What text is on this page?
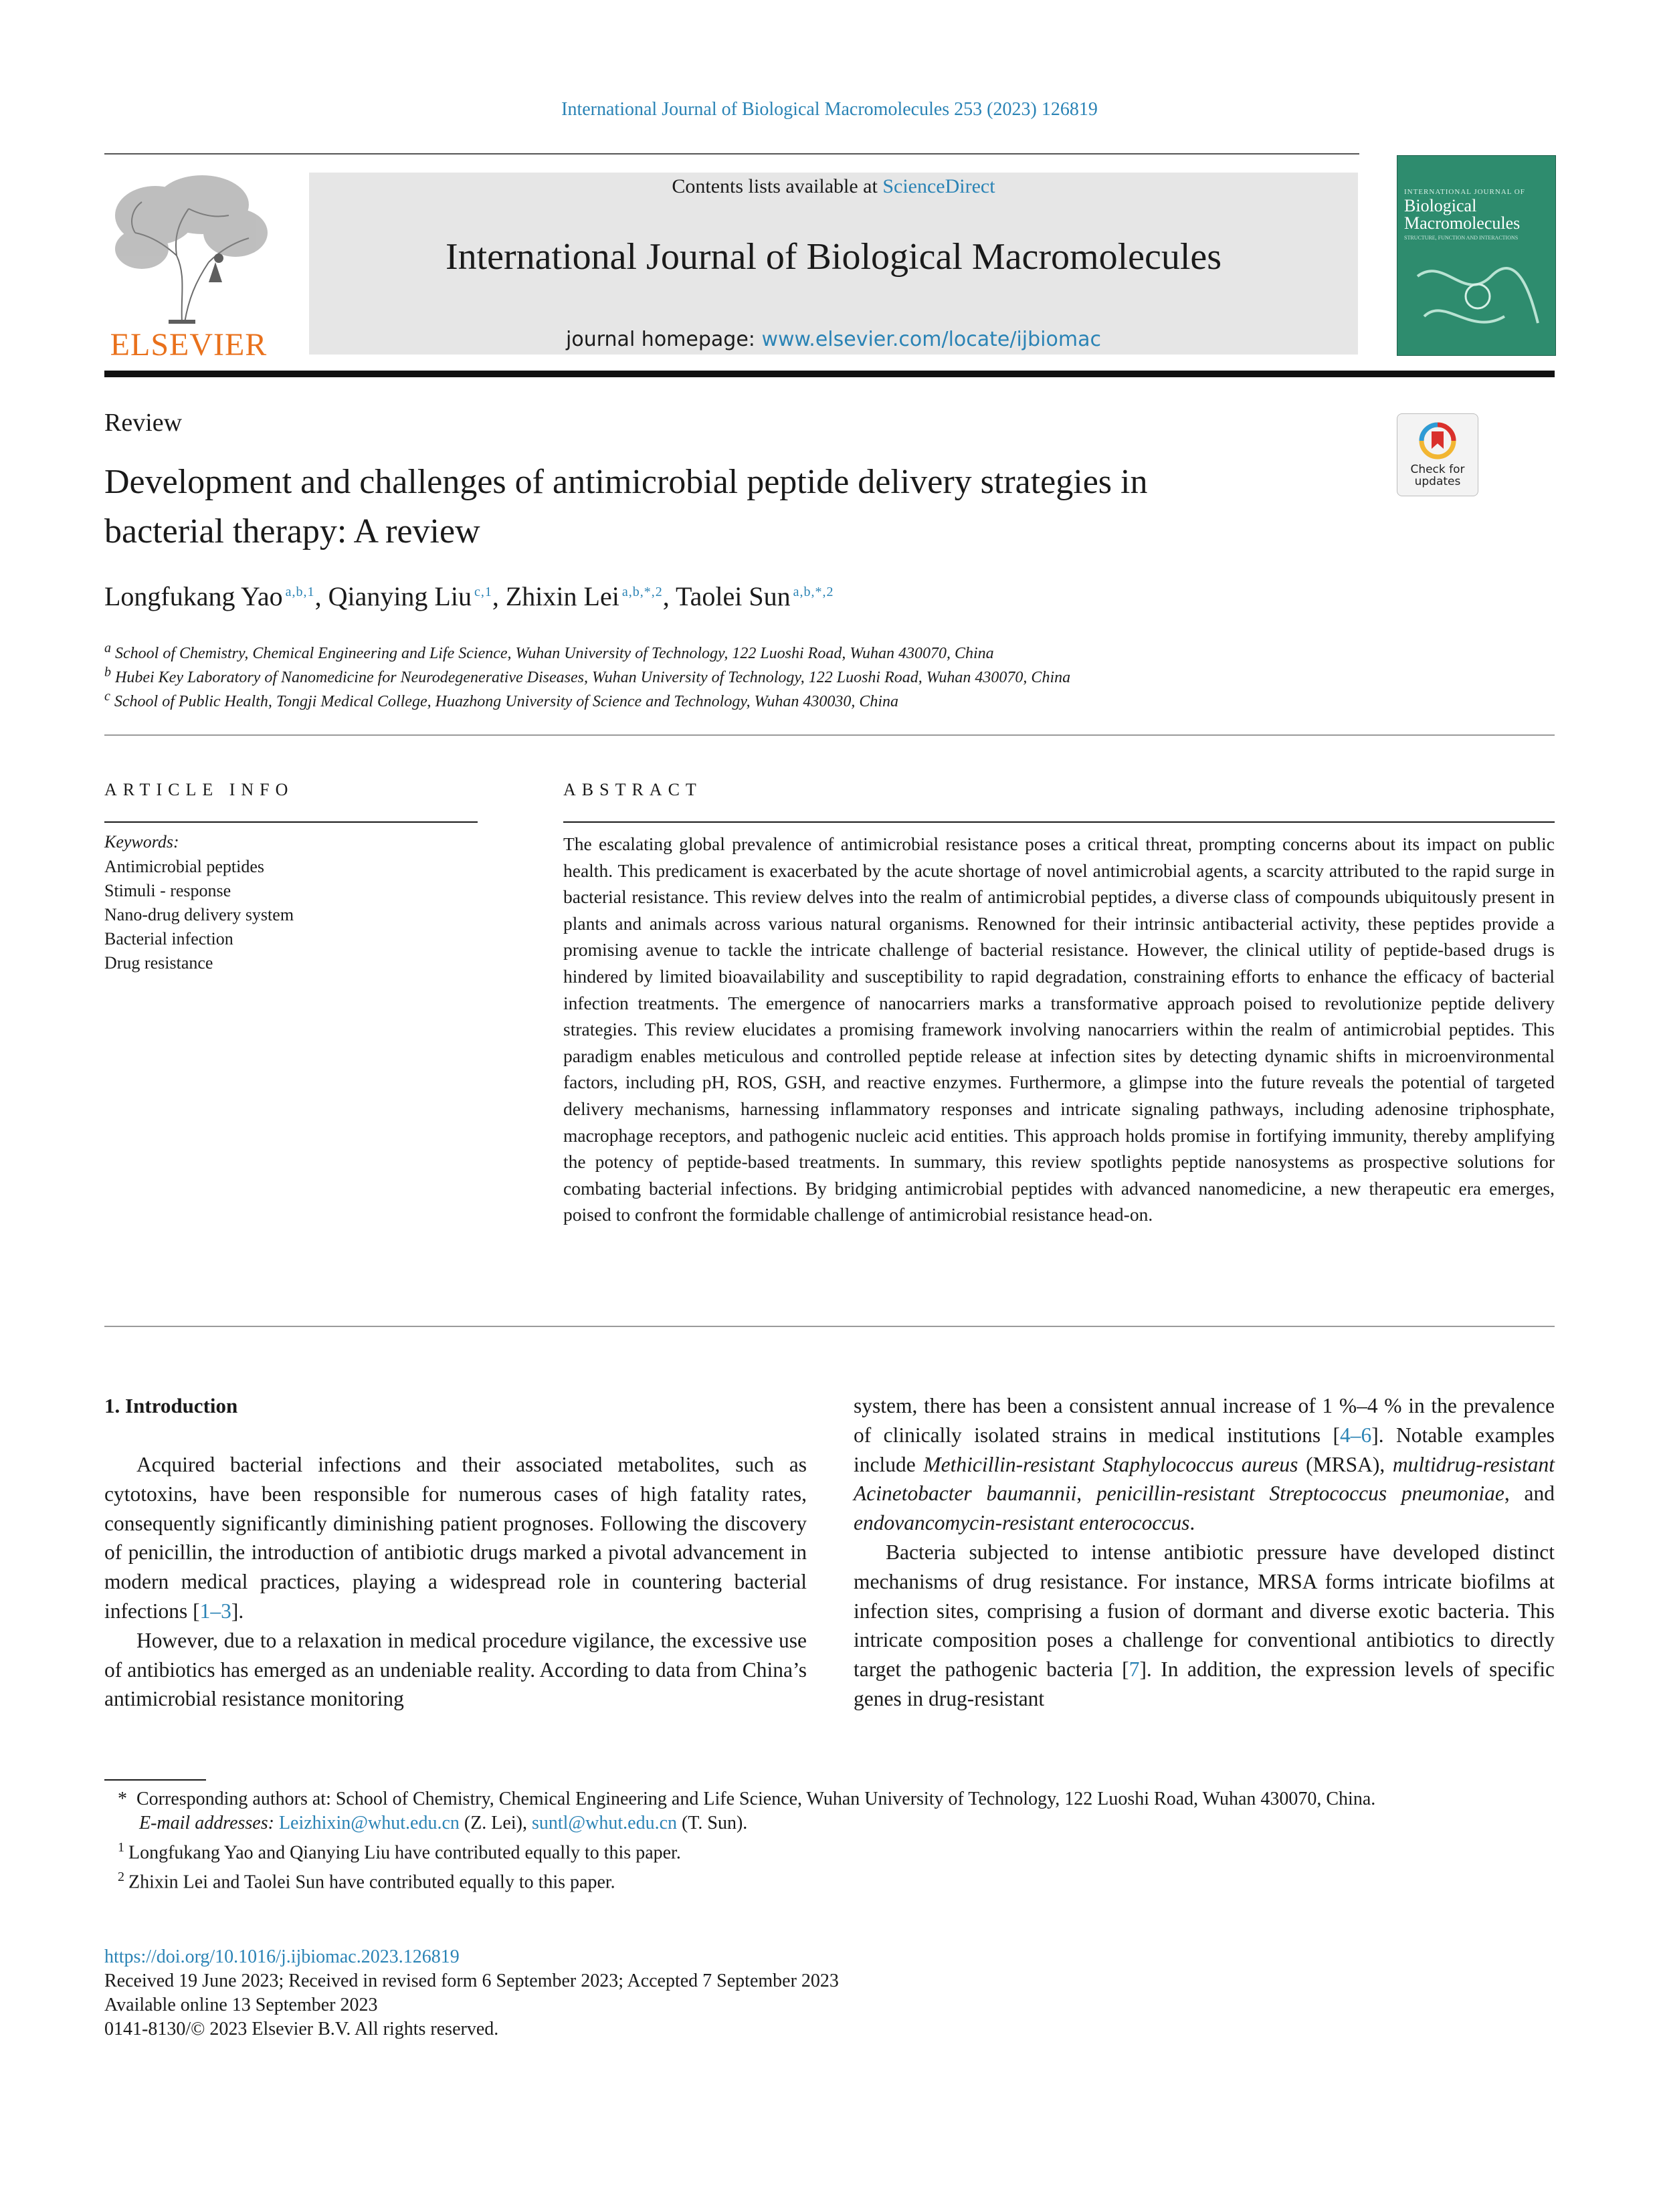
International Journal of Biological Macromolecules 253 (2023) 126819
ELSEVIER
Contents lists available at ScienceDirect
International Journal of Biological Macromolecules
journal homepage: www.elsevier.com/locate/ijbiomac
INTERNATIONAL JOURNAL OF
Biological
Macromolecules
STRUCTURE, FUNCTION AND INTERACTIONS
Review
Check for
updates
Development and challenges of antimicrobial peptide delivery strategies in
bacterial therapy: A review
Longfukang Yao $^{a,b,1}$, Qianying Liu $^{c,1}$, Zhixin Lei $^{a,b,*,2}$, Taolei Sun $^{a,b,*,2}$
$^a$ School of Chemistry, Chemical Engineering and Life Science, Wuhan University of Technology, 122 Luoshi Road, Wuhan 430070, China
$^b$ Hubei Key Laboratory of Nanomedicine for Neurodegenerative Diseases, Wuhan University of Technology, 122 Luoshi Road, Wuhan 430070, China
$^c$ School of Public Health, Tongji Medical College, Huazhong University of Science and Technology, Wuhan 430030, China
ARTICLE INFO	ABSTRACT
Keywords:
Antimicrobial peptides
Stimuli - response
Nano-drug delivery system
Bacterial infection
Drug resistance
The escalating global prevalence of antimicrobial resistance poses a critical threat, prompting concerns about its impact on public health. This predicament is exacerbated by the acute shortage of novel antimicrobial agents, a scarcity attributed to the rapid surge in bacterial resistance. This review delves into the realm of antimicrobial peptides, a diverse class of compounds ubiquitously present in plants and animals across various natural organisms. Renowned for their intrinsic antibacterial activity, these peptides provide a promising avenue to tackle the intricate challenge of bacterial resistance. However, the clinical utility of peptide-based drugs is hindered by limited bioavailability and susceptibility to rapid degradation, constraining efforts to enhance the efficacy of bacterial infection treatments. The emergence of nanocarriers marks a transformative approach poised to revolutionize peptide delivery strategies. This review elucidates a promising framework involving nanocarriers within the realm of antimicrobial peptides. This paradigm enables meticulous and controlled peptide release at infection sites by detecting dynamic shifts in microenvironmental factors, including pH, ROS, GSH, and reactive enzymes. Furthermore, a glimpse into the future reveals the potential of targeted delivery mechanisms, harnessing inflammatory responses and intricate signaling pathways, including adenosine triphosphate, macrophage receptors, and pathogenic nucleic acid entities. This approach holds promise in fortifying immunity, thereby amplifying the potency of peptide-based treatments. In summary, this review spotlights peptide nanosystems as prospective solutions for combating bacterial infections. By bridging antimicrobial peptides with advanced nanomedicine, a new therapeutic era emerges, poised to confront the formidable challenge of antimicrobial resistance head-on.
1. Introduction

Acquired bacterial infections and their associated metabolites, such as cytotoxins, have been responsible for numerous cases of high fatality rates, consequently significantly diminishing patient prognoses. Following the discovery of penicillin, the introduction of antibiotic drugs marked a pivotal advancement in modern medical practices, playing a widespread role in countering bacterial infections [1–3].

However, due to a relaxation in medical procedure vigilance, the excessive use of antibiotics has emerged as an undeniable reality. According to data from China’s antimicrobial resistance monitoring

system, there has been a consistent annual increase of 1 %–4 % in the prevalence of clinically isolated strains in medical institutions [4–6]. Notable examples include Methicillin-resistant Staphylococcus aureus (MRSA), multidrug-resistant Acinetobacter baumannii, penicillin-resistant Streptococcus pneumoniae, and endovancomycin-resistant enterococcus.

Bacteria subjected to intense antibiotic pressure have developed distinct mechanisms of drug resistance. For instance, MRSA forms intricate biofilms at infection sites, comprising a fusion of dormant and diverse exotic bacteria. This intricate composition poses a challenge for conventional antibiotics to directly target the pathogenic bacteria [7]. In addition, the expression levels of specific genes in drug-resistant

*  Corresponding authors at: School of Chemistry, Chemical Engineering and Life Science, Wuhan University of Technology, 122 Luoshi Road, Wuhan 430070, China.

E-mail addresses: Leizhixin@whut.edu.cn (Z. Lei), suntl@whut.edu.cn (T. Sun).

$^1$ Longfukang Yao and Qianying Liu have contributed equally to this paper.

$^2$ Zhixin Lei and Taolei Sun have contributed equally to this paper.

https://doi.org/10.1016/j.ijbiomac.2023.126819
Received 19 June 2023; Received in revised form 6 September 2023; Accepted 7 September 2023
Available online 13 September 2023
0141-8130/© 2023 Elsevier B.V. All rights reserved.
